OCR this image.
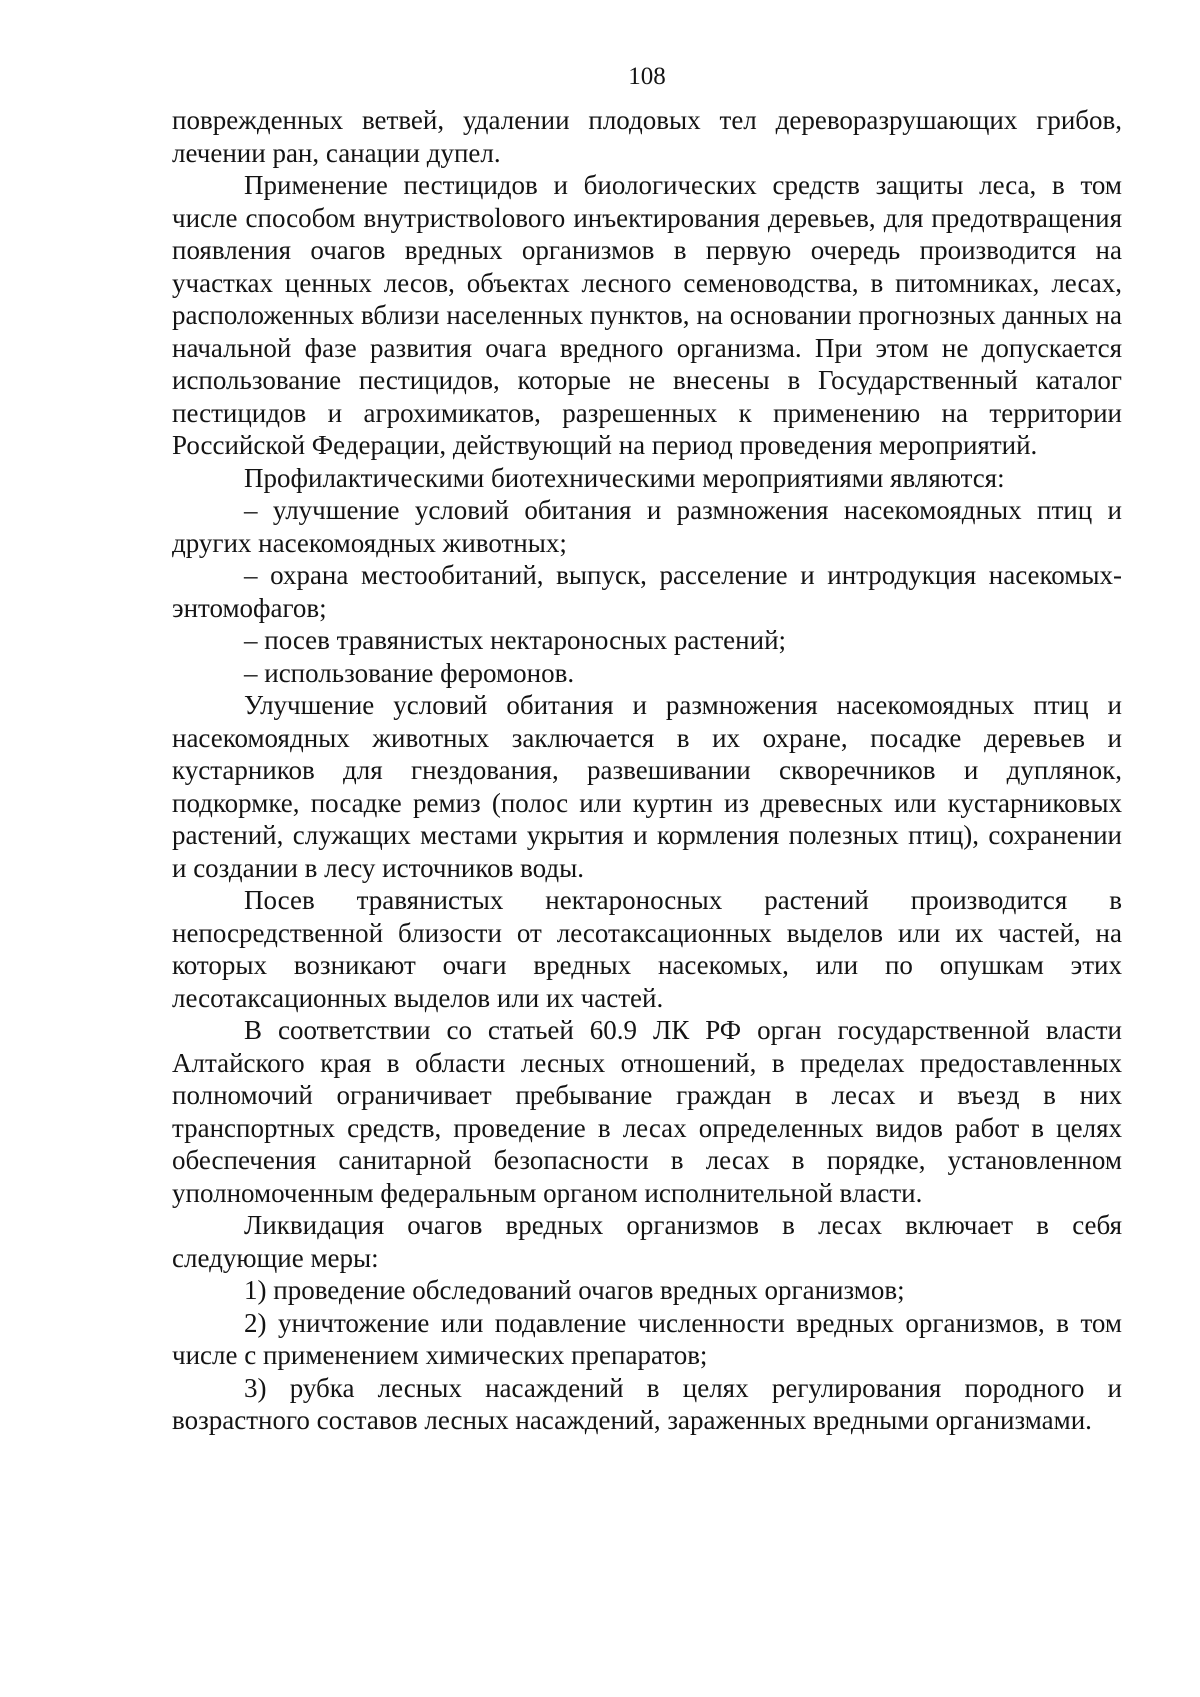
108

поврежденных ветвей, удалении плодовых тел дереворазрушающих грибов, лечении ран, санации дупел.

Применение пестицидов и биологических средств защиты леса, в том числе способом внутриствolового инъектирования деревьев, для предотвращения появления очагов вредных организмов в первую очередь производится на участках ценных лесов, объектах лесного семеноводства, в питомниках, лесах, расположенных вблизи населенных пунктов, на основании прогнозных данных на начальной фазе развития очага вредного организма. При этом не допускается использование пестицидов, которые не внесены в Государственный каталог пестицидов и агрохимикатов, разрешенных к применению на территории Российской Федерации, действующий на период проведения мероприятий.

Профилактическими биотехническими мероприятиями являются:

– улучшение условий обитания и размножения насекомоядных птиц и других насекомоядных животных;

– охрана местообитаний, выпуск, расселение и интродукция насекомых-энтомофагов;

– посев травянистых нектароносных растений;

– использование феромонов.

Улучшение условий обитания и размножения насекомоядных птиц и насекомоядных животных заключается в их охране, посадке деревьев и кустарников для гнездования, развешивании скворечников и дуплянок, подкормке, посадке ремиз (полос или куртин из древесных или кустарниковых растений, служащих местами укрытия и кормления полезных птиц), сохранении и создании в лесу источников воды.

Посев травянистых нектароносных растений производится в непосредственной близости от лесотаксационных выделов или их частей, на которых возникают очаги вредных насекомых, или по опушкам этих лесотаксационных выделов или их частей.

В соответствии со статьей 60.9 ЛК РФ орган государственной власти Алтайского края в области лесных отношений, в пределах предоставленных полномочий ограничивает пребывание граждан в лесах и въезд в них транспортных средств, проведение в лесах определенных видов работ в целях обеспечения санитарной безопасности в лесах в порядке, установленном уполномоченным федеральным органом исполнительной власти.

Ликвидация очагов вредных организмов в лесах включает в себя следующие меры:

1) проведение обследований очагов вредных организмов;

2) уничтожение или подавление численности вредных организмов, в том числе с применением химических препаратов;

3) рубка лесных насаждений в целях регулирования породного и возрастного составов лесных насаждений, зараженных вредными организмами.
